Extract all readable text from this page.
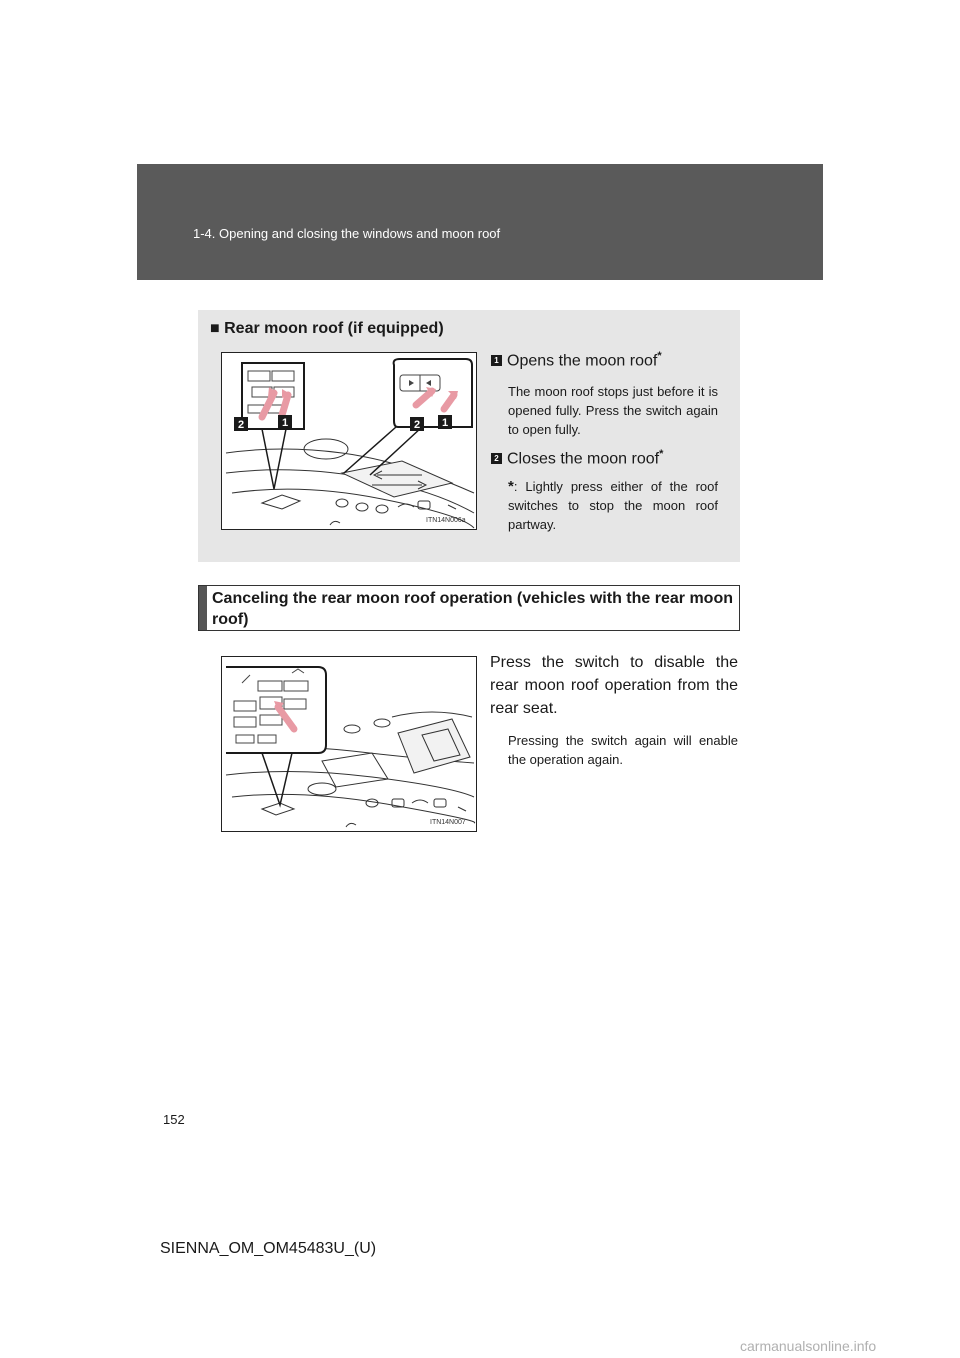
1-4. Opening and closing the windows and moon roof
■ Rear moon roof (if equipped)
2	1	2 1
ITN14N006a
1 Opens the moon roof*
The moon roof stops just before it is opened fully. Press the switch again to open fully.
2 Closes the moon roof*
*: Lightly press either of the roof switches to stop the moon roof partway.
Canceling the rear moon roof operation (vehicles with the rear moon roof)
ITN14N007
Press the switch to disable the rear moon roof operation from the rear seat.
Pressing the switch again will enable the operation again.
152
SIENNA_OM_OM45483U_(U)
carmanualsonline.info
